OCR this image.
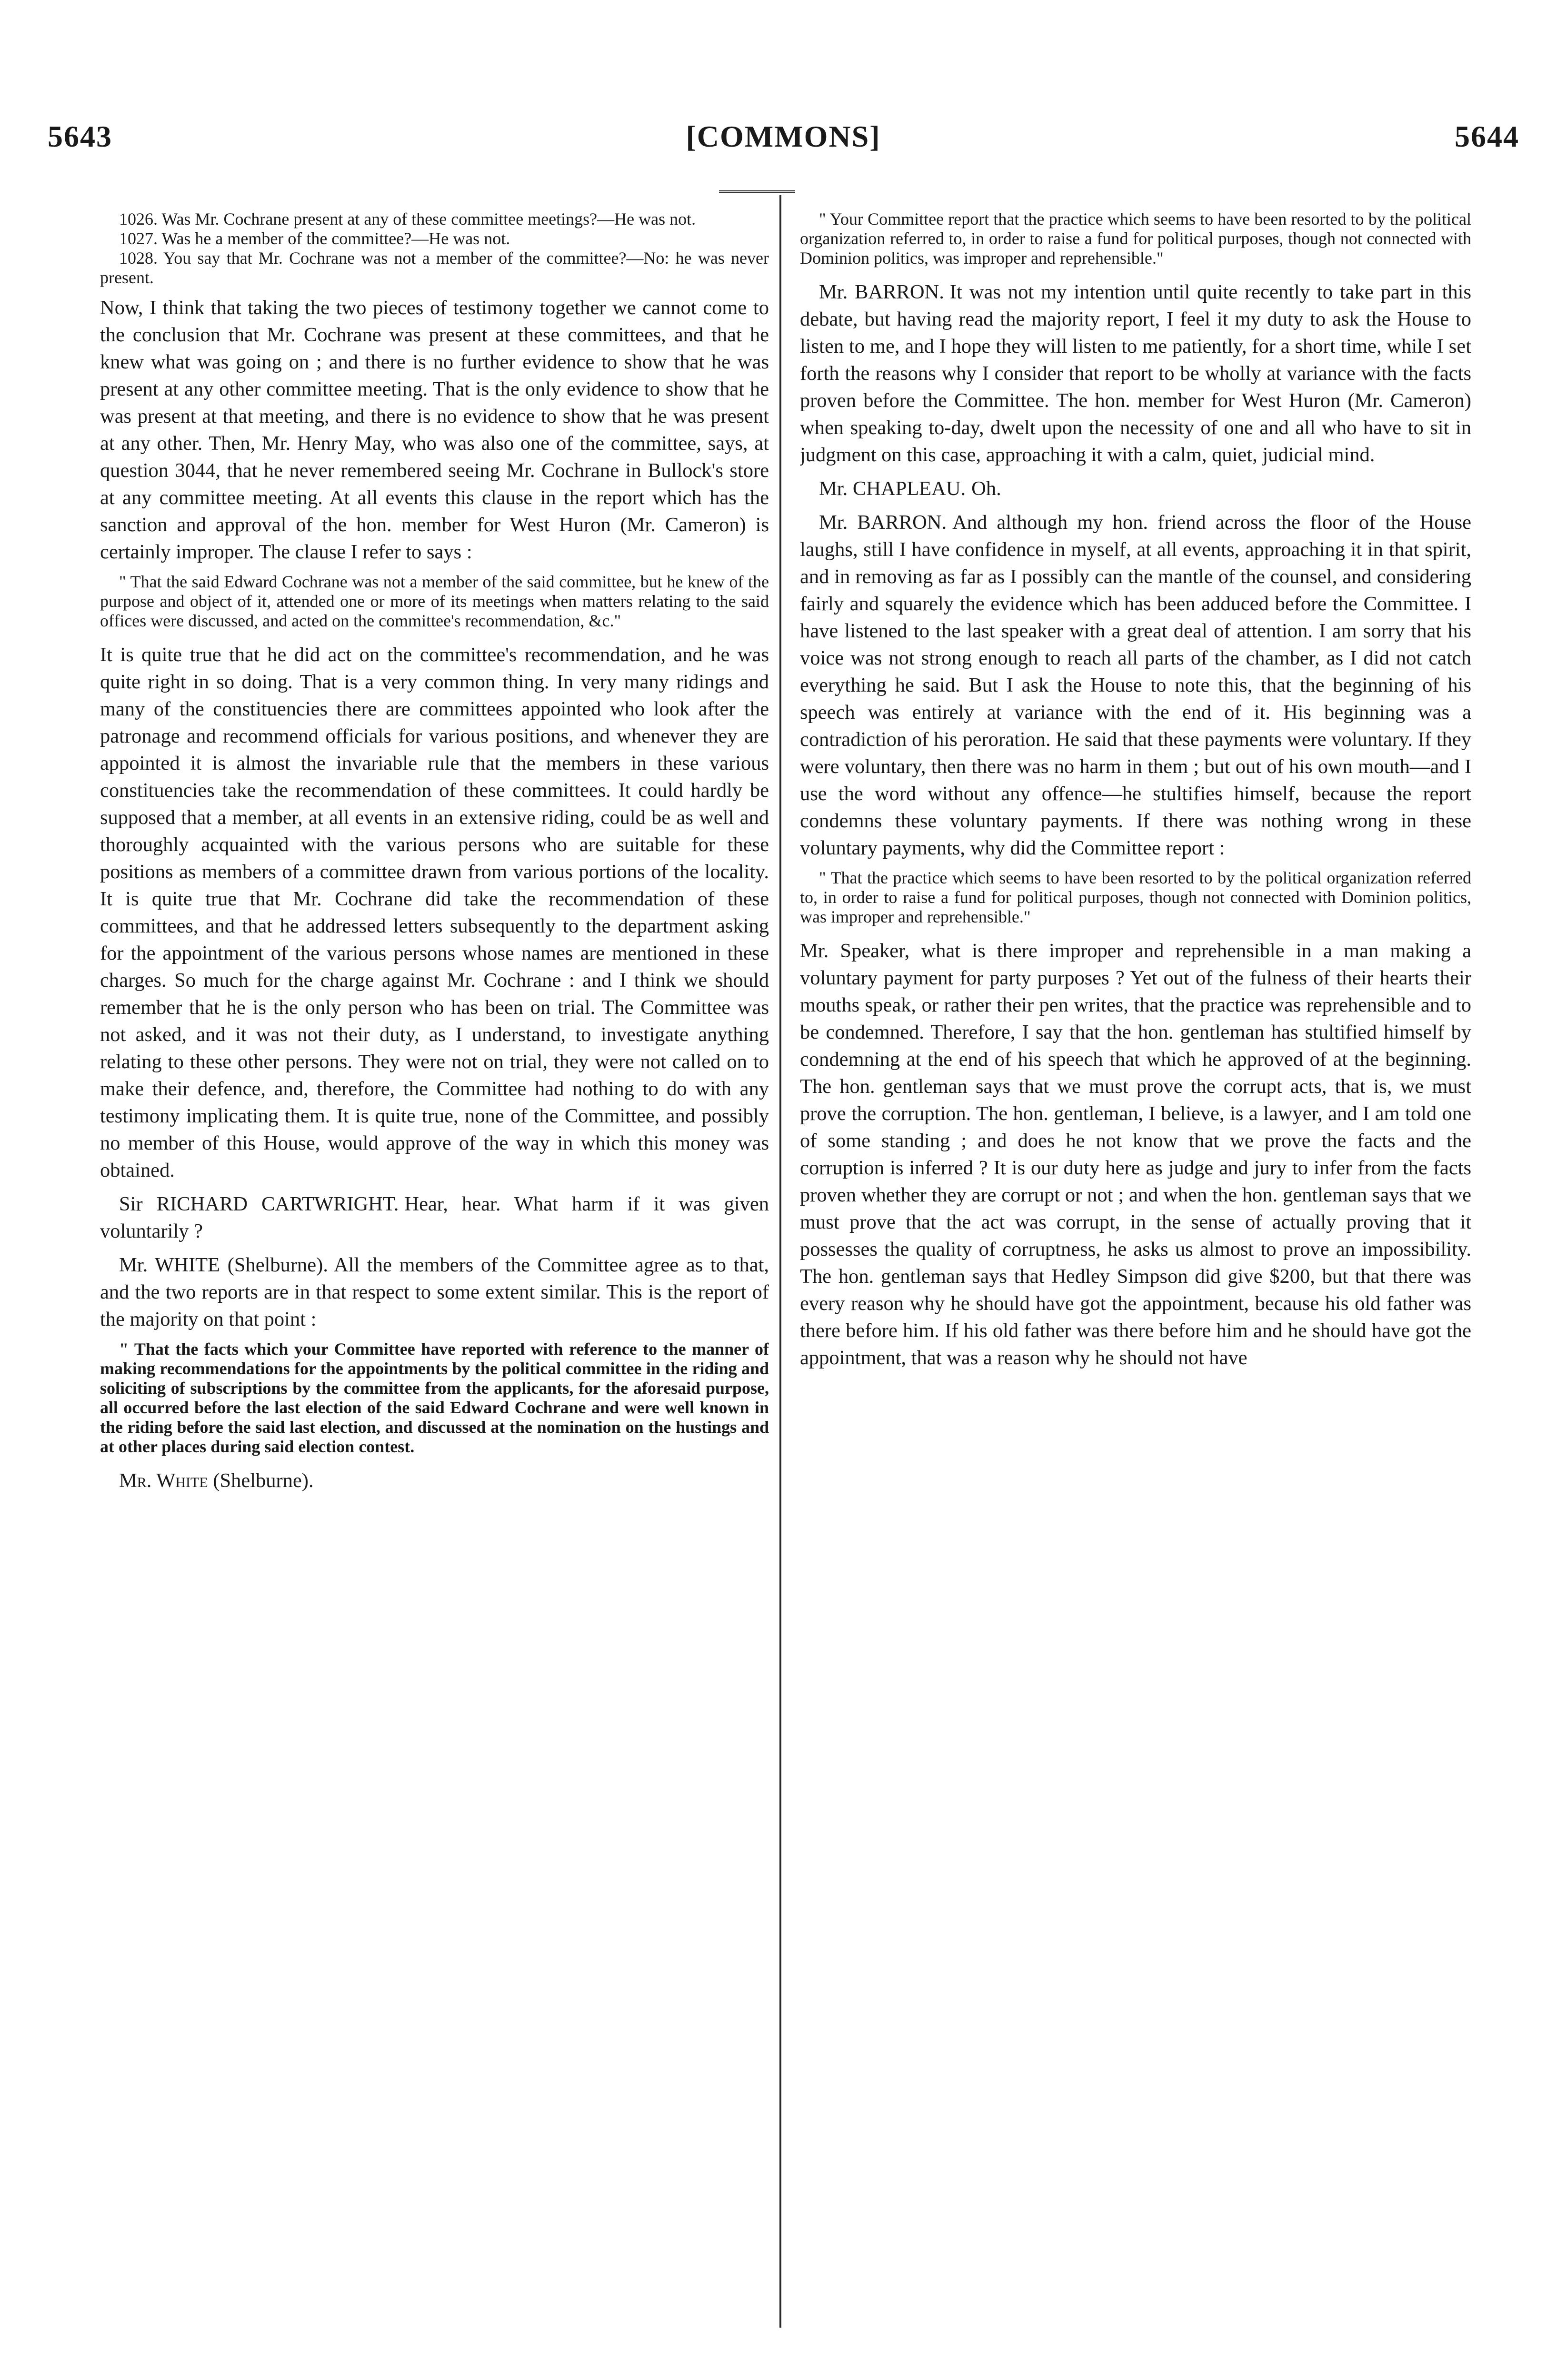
5643	[COMMONS]	5644

1026. Was Mr. Cochrane present at any of these committee meetings?—He was not.

1027. Was he a member of the committee?—He was not.

1028. You say that Mr. Cochrane was not a member of the committee?—No: he was never present.

Now, I think that taking the two pieces of testimony together we cannot come to the conclusion that Mr. Cochrane was present at these committees, and that he knew what was going on ; and there is no further evidence to show that he was present at any other committee meeting. That is the only evidence to show that he was present at that meeting, and there is no evidence to show that he was present at any other. Then, Mr. Henry May, who was also one of the committee, says, at question 3044, that he never remembered seeing Mr. Cochrane in Bullock's store at any committee meeting. At all events this clause in the report which has the sanction and approval of the hon. member for West Huron (Mr. Cameron) is certainly improper. The clause I refer to says :

" That the said Edward Cochrane was not a member of the said committee, but he knew of the purpose and object of it, attended one or more of its meetings when matters relating to the said offices were discussed, and acted on the committee's recommendation, &c."

It is quite true that he did act on the committee's recommendation, and he was quite right in so doing. That is a very common thing. In very many ridings and many of the constituencies there are committees appointed who look after the patronage and recommend officials for various positions, and whenever they are appointed it is almost the invariable rule that the members in these various constituencies take the recommendation of these committees. It could hardly be supposed that a member, at all events in an extensive riding, could be as well and thoroughly acquainted with the various persons who are suitable for these positions as members of a committee drawn from various portions of the locality. It is quite true that Mr. Cochrane did take the recommendation of these committees, and that he addressed letters subsequently to the department asking for the appointment of the various persons whose names are mentioned in these charges. So much for the charge against Mr. Cochrane : and I think we should remember that he is the only person who has been on trial. The Committee was not asked, and it was not their duty, as I understand, to investigate anything relating to these other persons. They were not on trial, they were not called on to make their defence, and, therefore, the Committee had nothing to do with any testimony implicating them. It is quite true, none of the Committee, and possibly no member of this House, would approve of the way in which this money was obtained.

Sir RICHARD CARTWRIGHT. Hear, hear. What harm if it was given voluntarily ?

Mr. WHITE (Shelburne). All the members of the Committee agree as to that, and the two reports are in that respect to some extent similar. This is the report of the majority on that point :

" That the facts which your Committee have reported with reference to the manner of making recommendations for the appointments by the political committee in the riding and soliciting of subscriptions by the committee from the applicants, for the aforesaid purpose, all occurred before the last election of the said Edward Cochrane and were well known in the riding before the said last election, and discussed at the nomination on the hustings and at other places during said election contest.

Mr. White (Shelburne).

" Your Committee report that the practice which seems to have been resorted to by the political organization referred to, in order to raise a fund for political purposes, though not connected with Dominion politics, was improper and reprehensible."

Mr. BARRON. It was not my intention until quite recently to take part in this debate, but having read the majority report, I feel it my duty to ask the House to listen to me, and I hope they will listen to me patiently, for a short time, while I set forth the reasons why I consider that report to be wholly at variance with the facts proven before the Committee. The hon. member for West Huron (Mr. Cameron) when speaking to-day, dwelt upon the necessity of one and all who have to sit in judgment on this case, approaching it with a calm, quiet, judicial mind.

Mr. CHAPLEAU. Oh.

Mr. BARRON. And although my hon. friend across the floor of the House laughs, still I have confidence in myself, at all events, approaching it in that spirit, and in removing as far as I possibly can the mantle of the counsel, and considering fairly and squarely the evidence which has been adduced before the Committee. I have listened to the last speaker with a great deal of attention. I am sorry that his voice was not strong enough to reach all parts of the chamber, as I did not catch everything he said. But I ask the House to note this, that the beginning of his speech was entirely at variance with the end of it. His beginning was a contradiction of his peroration. He said that these payments were voluntary. If they were voluntary, then there was no harm in them ; but out of his own mouth—and I use the word without any offence—he stultifies himself, because the report condemns these voluntary payments. If there was nothing wrong in these voluntary payments, why did the Committee report :

" That the practice which seems to have been resorted to by the political organization referred to, in order to raise a fund for political purposes, though not connected with Dominion politics, was improper and reprehensible."

Mr. Speaker, what is there improper and reprehensible in a man making a voluntary payment for party purposes ? Yet out of the fulness of their hearts their mouths speak, or rather their pen writes, that the practice was reprehensible and to be condemned. Therefore, I say that the hon. gentleman has stultified himself by condemning at the end of his speech that which he approved of at the beginning. The hon. gentleman says that we must prove the corrupt acts, that is, we must prove the corruption. The hon. gentleman, I believe, is a lawyer, and I am told one of some standing ; and does he not know that we prove the facts and the corruption is inferred ? It is our duty here as judge and jury to infer from the facts proven whether they are corrupt or not ; and when the hon. gentleman says that we must prove that the act was corrupt, in the sense of actually proving that it possesses the quality of corruptness, he asks us almost to prove an impossibility. The hon. gentleman says that Hedley Simpson did give $200, but that there was every reason why he should have got the appointment, because his old father was there before him. If his old father was there before him and he should have got the appointment, that was a reason why he should not have
